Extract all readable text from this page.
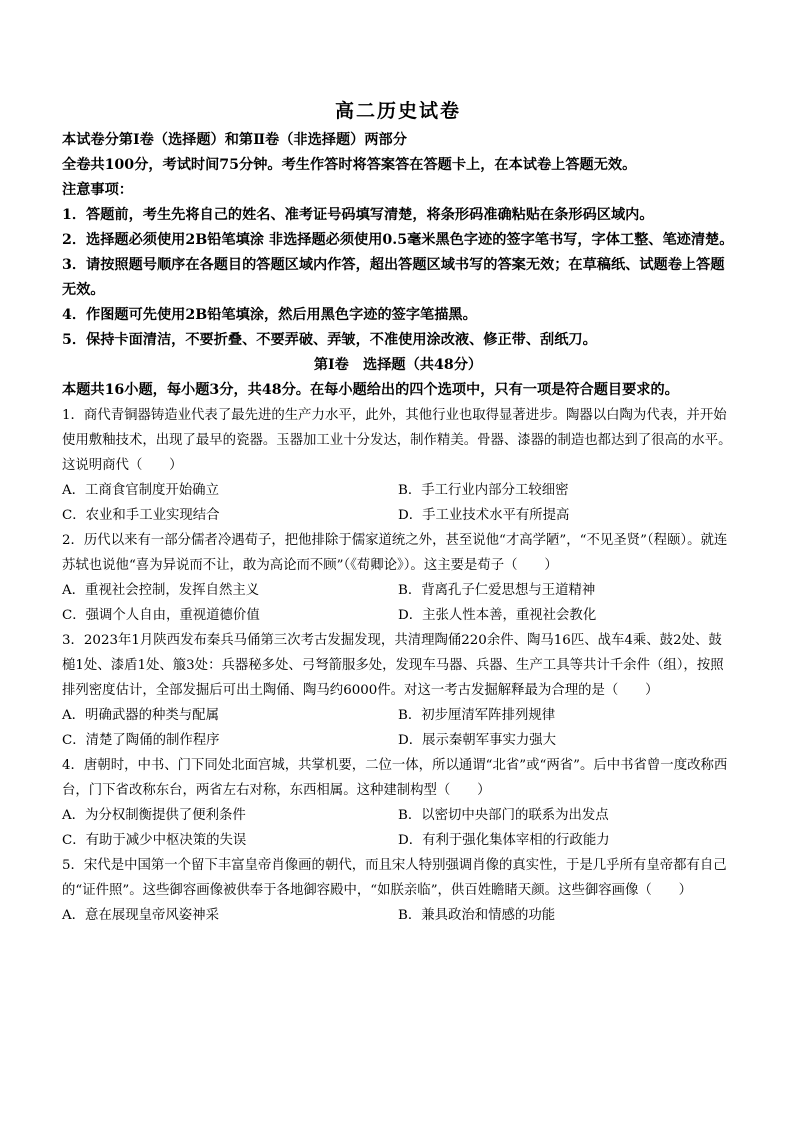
高二历史试卷

本试卷分第Ⅰ卷（选择题）和第Ⅱ卷（非选择题）两部分

全卷共100分，考试时间75分钟。考生作答时将答案答在答题卡上，在本试卷上答题无效。

注意事项：

1．答题前，考生先将自己的姓名、准考证号码填写清楚，将条形码准确粘贴在条形码区域内。

2．选择题必须使用2B铅笔填涂 非选择题必须使用0.5毫米黑色字迹的签字笔书写，字体工整、笔迹清楚。

3．请按照题号顺序在各题目的答题区域内作答，超出答题区域书写的答案无效；在草稿纸、试题卷上答题无效。

4．作图题可先使用2B铅笔填涂，然后用黑色字迹的签字笔描黑。

5．保持卡面清洁，不要折叠、不要弄破、弄皱，不准使用涂改液、修正带、刮纸刀。

第Ⅰ卷　选择题（共48分）

本题共16小题，每小题3分，共48分。在每小题给出的四个选项中，只有一项是符合题目要求的。

1．商代青铜器铸造业代表了最先进的生产力水平，此外，其他行业也取得显著进步。陶器以白陶为代表，并开始使用敷釉技术，出现了最早的瓷器。玉器加工业十分发达，制作精美。骨器、漆器的制造也都达到了很高的水平。这说明商代（　　）

A．工商食官制度开始确立	B．手工行业内部分工较细密
C．农业和手工业实现结合	D．手工业技术水平有所提高

2．历代以来有一部分儒者冷遇荀子，把他排除于儒家道统之外，甚至说他“才高学陋”，“不见圣贤”（程颐）。就连苏轼也说他“喜为异说而不让，敢为高论而不顾”（《荀卿论》）。这主要是荀子（　　）

A．重视社会控制，发挥自然主义	B．背离孔子仁爱思想与王道精神
C．强调个人自由，重视道德价值	D．主张人性本善，重视社会教化

3．2023年1月陕西发布秦兵马俑第三次考古发掘发现，共清理陶俑220余件、陶马16匹、战车4乘、鼓2处、鼓槌1处、漆盾1处、箙3处：兵器秘多处、弓弩箭服多处，发现车马器、兵器、生产工具等共计千余件（组），按照排列密度估计，全部发掘后可出土陶俑、陶马约6000件。对这一考古发掘解释最为合理的是（　　）

A．明确武器的种类与配属	B．初步厘清军阵排列规律
C．清楚了陶俑的制作程序	D．展示秦朝军事实力强大

4．唐朝时，中书、门下同处北面宫城，共掌机要，二位一体，所以通谓“北省”或“两省”。后中书省曾一度改称西台，门下省改称东台，两省左右对称，东西相属。这种建制构型（　　）

A．为分权制衡提供了便利条件	B．以密切中央部门的联系为出发点
C．有助于减少中枢决策的失误	D．有利于强化集体宰相的行政能力

5．宋代是中国第一个留下丰富皇帝肖像画的朝代，而且宋人特别强调肖像的真实性，于是几乎所有皇帝都有自己的“证件照”。这些御容画像被供奉于各地御容殿中，“如朕亲临”，供百姓瞻睹天颜。这些御容画像（　　）

A．意在展现皇帝风姿神采	B．兼具政治和情感的功能
